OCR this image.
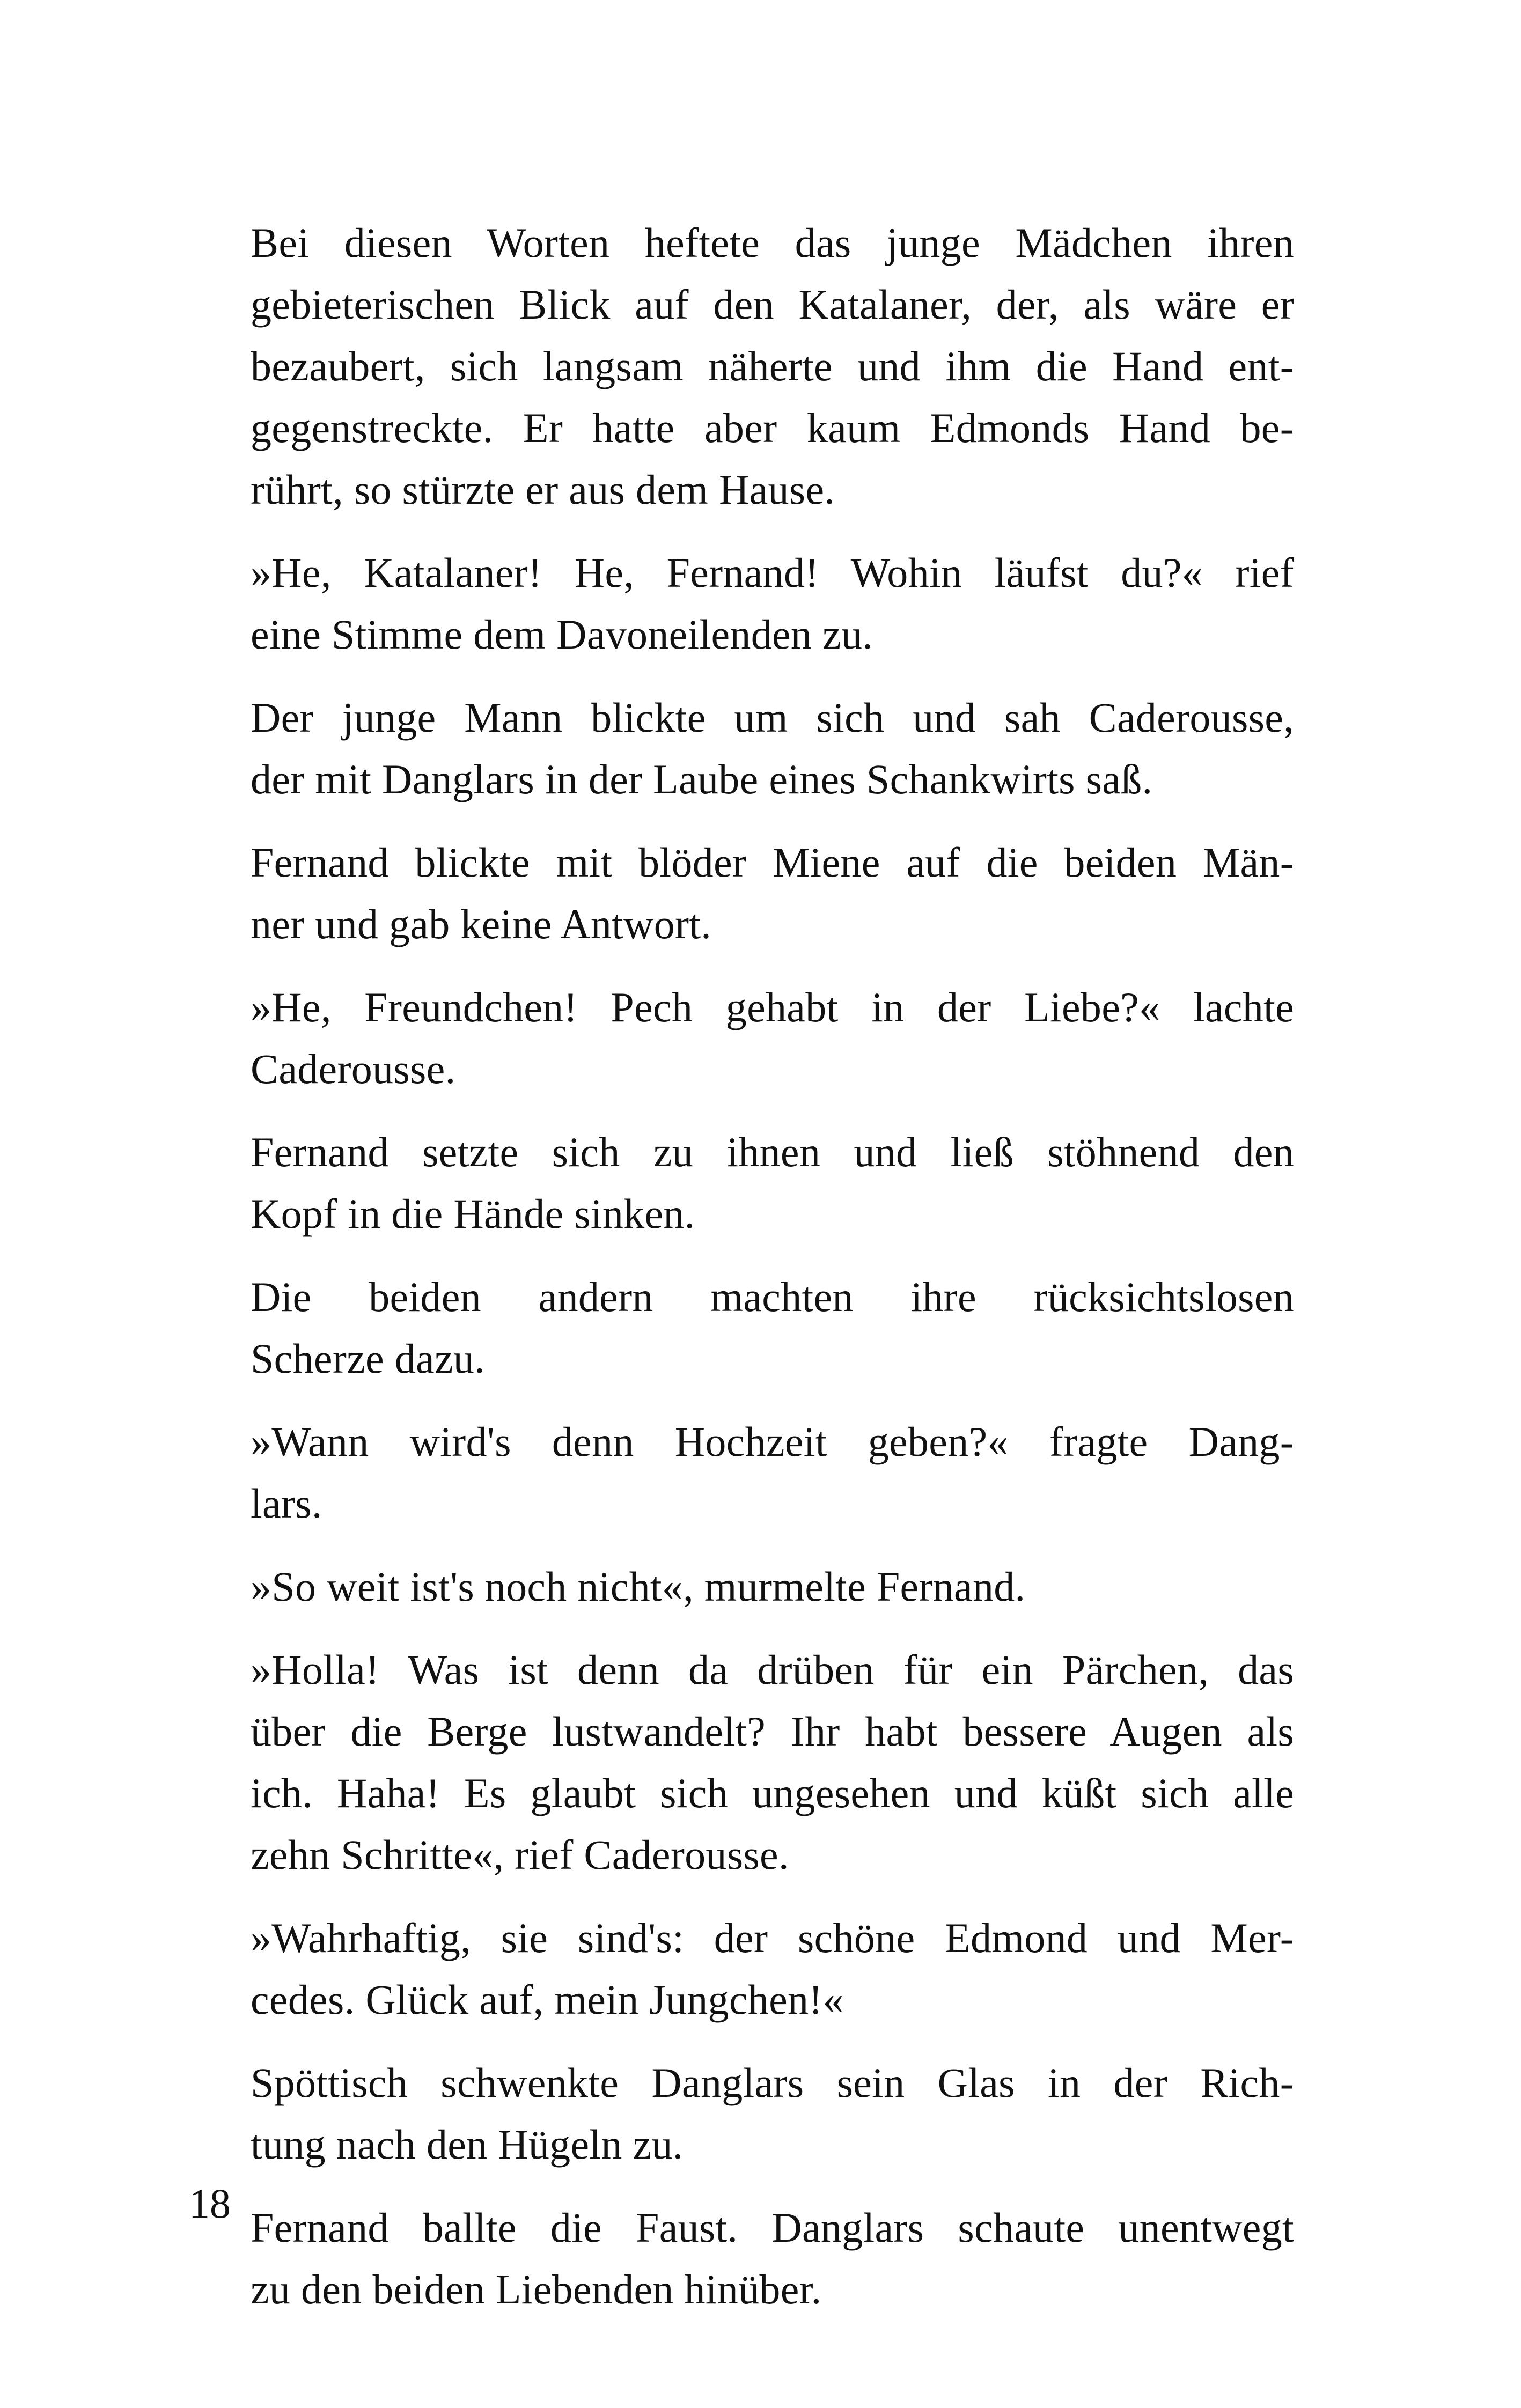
Bei diesen Worten heftete das junge Mädchen ihren
gebieterischen Blick auf den Katalaner, der, als wäre er
bezaubert, sich langsam näherte und ihm die Hand ent-
gegenstreckte. Er hatte aber kaum Edmonds Hand be-
rührt, so stürzte er aus dem Hause.

»He, Katalaner! He, Fernand! Wohin läufst du?« rief
eine Stimme dem Davoneilenden zu.

Der junge Mann blickte um sich und sah Caderousse,
der mit Danglars in der Laube eines Schankwirts saß.

Fernand blickte mit blöder Miene auf die beiden Män-
ner und gab keine Antwort.

»He, Freundchen! Pech gehabt in der Liebe?« lachte
Caderousse.

Fernand setzte sich zu ihnen und ließ stöhnend den
Kopf in die Hände sinken.

Die beiden andern machten ihre rücksichtslosen
Scherze dazu.

»Wann wird's denn Hochzeit geben?« fragte Dang-
lars.

»So weit ist's noch nicht«, murmelte Fernand.

»Holla! Was ist denn da drüben für ein Pärchen, das
über die Berge lustwandelt? Ihr habt bessere Augen als
ich. Haha! Es glaubt sich ungesehen und küßt sich alle
zehn Schritte«, rief Caderousse.

»Wahrhaftig, sie sind's: der schöne Edmond und Mer-
cedes. Glück auf, mein Jungchen!«

Spöttisch schwenkte Danglars sein Glas in der Rich-
tung nach den Hügeln zu.

Fernand ballte die Faust. Danglars schaute unentwegt
zu den beiden Liebenden hinüber.

18
